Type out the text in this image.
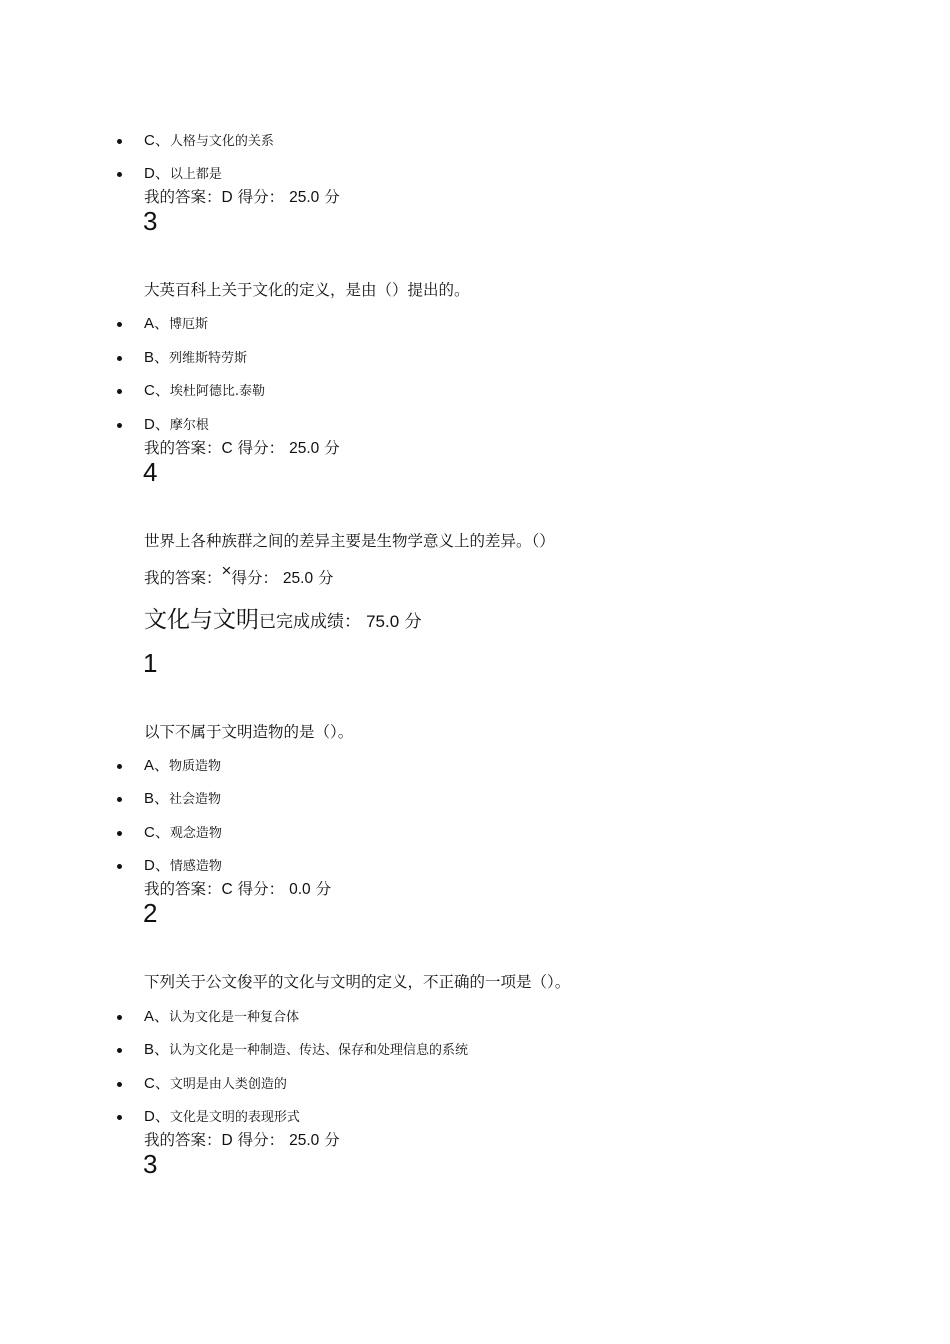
C、人格与文化的关系
D、以上都是
我的答案：D 得分： 25.0 分
3
大英百科上关于文化的定义，是由（）提出的。
A、博厄斯
B、列维斯特劳斯
C、埃杜阿德比.泰勒
D、摩尔根
我的答案：C 得分： 25.0 分
4
世界上各种族群之间的差异主要是生物学意义上的差异。（）
我的答案：×得分： 25.0 分
文化与文明已完成成绩： 75.0 分
1
以下不属于文明造物的是（）。
A、物质造物
B、社会造物
C、观念造物
D、情感造物
我的答案：C 得分： 0.0 分
2
下列关于公文俊平的文化与文明的定义，不正确的一项是（）。
A、认为文化是一种复合体
B、认为文化是一种制造、传达、保存和处理信息的系统
C、文明是由人类创造的
D、文化是文明的表现形式
我的答案：D 得分： 25.0 分
3
